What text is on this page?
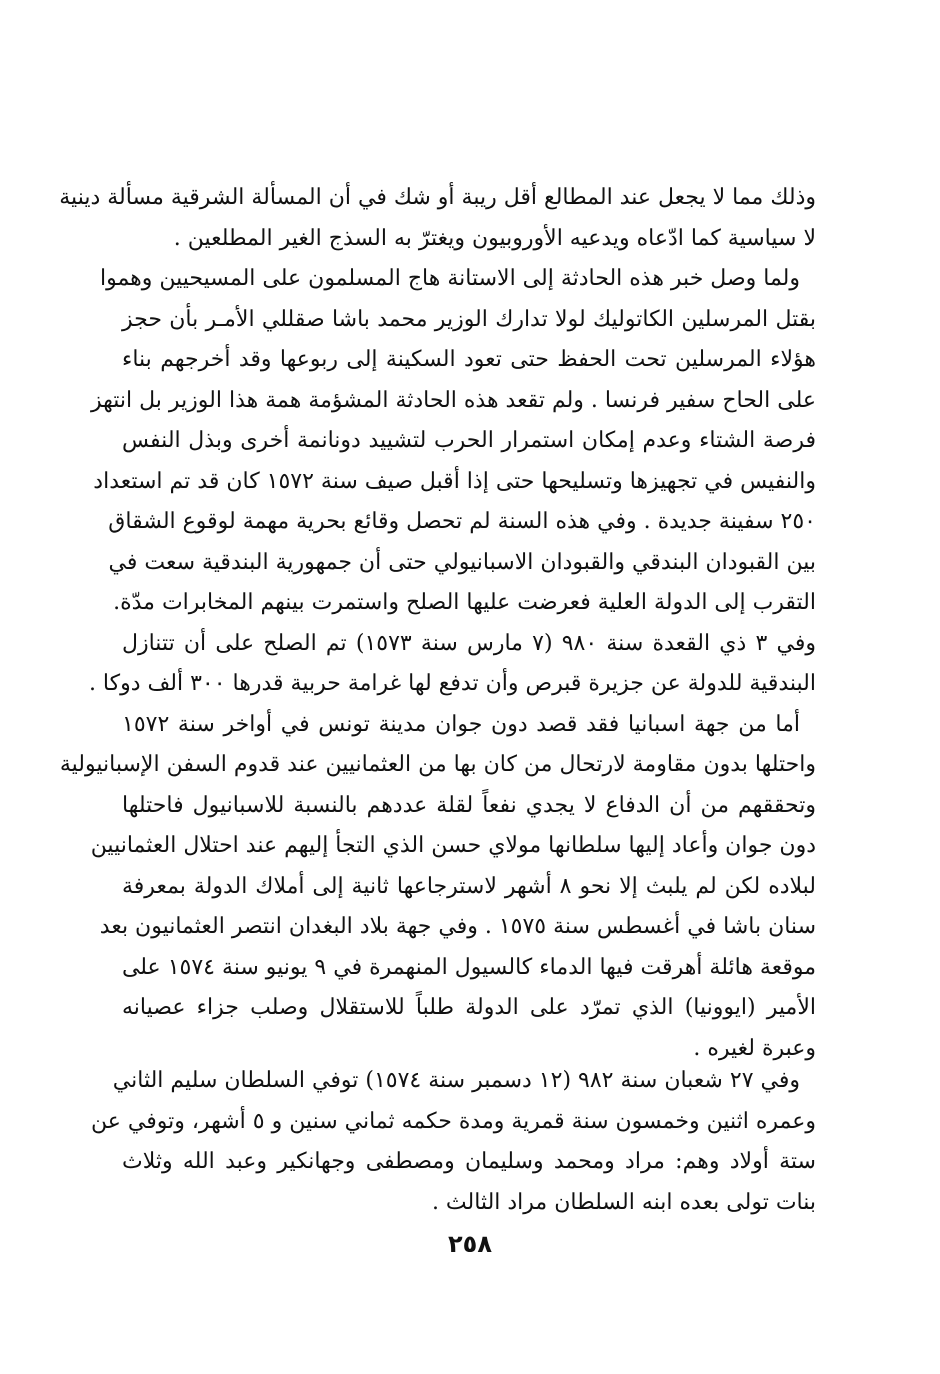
وذلك مما لا يجعل عند المطالع أقل ريبة أو شك في أن المسألة الشرقية مسألة دينية
لا سياسية كما ادّعاه ويدعيه الأوروبيون ويغترّ به السذج الغير المطلعين .
ولما وصل خبر هذه الحادثة إلى الاستانة هاج المسلمون على المسيحيين وهموا
بقتل المرسلين الكاتوليك لولا تدارك الوزير محمد باشا صقللي الأمـر بأن حجز
هؤلاء المرسلين تحت الحفظ حتى تعود السكينة إلى ربوعها وقد أخرجهم بناء
على الحاح سفير فرنسا . ولم تقعد هذه الحادثة المشؤمة همة هذا الوزير بل انتهز
فرصة الشتاء وعدم إمكان استمرار الحرب لتشييد دونانمة أخرى وبذل النفس
والنفيس في تجهيزها وتسليحها حتى إذا أقبل صيف سنة ١٥٧٢ كان قد تم استعداد
٢٥٠ سفينة جديدة . وفي هذه السنة لم تحصل وقائع بحرية مهمة لوقوع الشقاق
بين القبودان البندقي والقبودان الاسبانيولي حتى أن جمهورية البندقية سعت في
التقرب إلى الدولة العلية فعرضت عليها الصلح واستمرت بينهم المخابرات مدّة.
وفي ٣ ذي القعدة سنة ٩٨٠ (٧ مارس سنة ١٥٧٣) تم الصلح على أن تتنازل
البندقية للدولة عن جزيرة قبرص وأن تدفع لها غرامة حربية قدرها ٣٠٠ ألف دوكا .
أما من جهة اسبانيا فقد قصد دون جوان مدينة تونس في أواخر سنة ١٥٧٢
واحتلها بدون مقاومة لارتحال من كان بها من العثمانيين عند قدوم السفن الإسبانيولية
وتحققهم من أن الدفاع لا يجدي نفعاً لقلة عددهم بالنسبة للاسبانيول فاحتلها
دون جوان وأعاد إليها سلطانها مولاي حسن الذي التجأ إليهم عند احتلال العثمانيين
لبلاده لكن لم يلبث إلا نحو ٨ أشهر لاسترجاعها ثانية إلى أملاك الدولة بمعرفة
سنان باشا في أغسطس سنة ١٥٧٥ . وفي جهة بلاد البغدان انتصر العثمانيون بعد
موقعة هائلة أهرقت فيها الدماء كالسيول المنهمرة في ٩ يونيو سنة ١٥٧٤ على
الأمير (ايوونيا) الذي تمرّد على الدولة طلباً للاستقلال وصلب جزاء عصيانه
وعبرة لغيره .
وفي ٢٧ شعبان سنة ٩٨٢ (١٢ دسمبر سنة ١٥٧٤) توفي السلطان سليم الثاني
وعمره اثنين وخمسون سنة قمرية ومدة حكمه ثماني سنين و ٥ أشهر، وتوفي عن
ستة أولاد وهم: مراد ومحمد وسليمان ومصطفى وجهانكير وعبد الله وثلاث
بنات تولى بعده ابنه السلطان مراد الثالث .
٢٥٨
